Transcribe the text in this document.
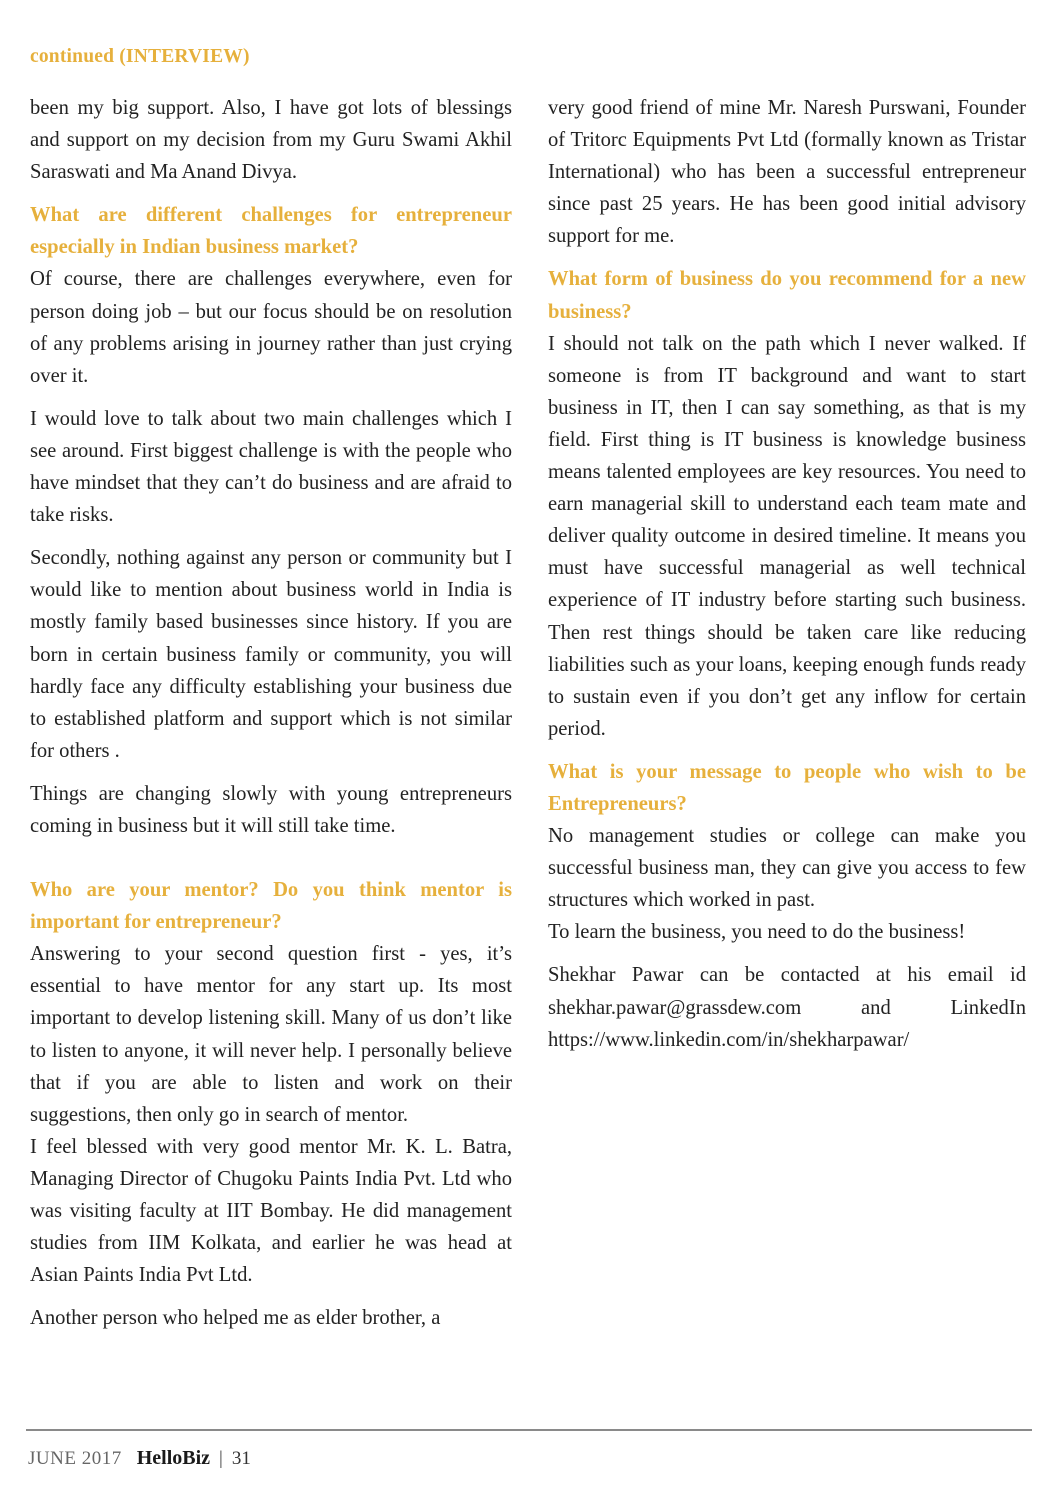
continued (INTERVIEW)

been my big support. Also, I have got lots of blessings and support on my decision from my Guru Swami Akhil Saraswati and Ma Anand Divya.

What are different challenges for entrepreneur especially in Indian business market?

Of course, there are challenges everywhere, even for person doing job – but our focus should be on resolution of any problems arising in journey rather than just crying over it.

I would love to talk about two main challenges which I see around. First biggest challenge is with the people who have mindset that they can’t do business and are afraid to take risks.

Secondly, nothing against any person or community but I would like to mention about business world in India is mostly family based businesses since history. If you are born in certain business family or community, you will hardly face any difficulty establishing your business due to established platform and support which is not similar for others .

Things are changing slowly with young entrepreneurs coming in business but it will still take time.

Who are your mentor? Do you think mentor is important for entrepreneur?

Answering to your second question first - yes, it’s essential to have mentor for any start up. Its most important to develop listening skill. Many of us don’t like to listen to anyone, it will never help. I personally believe that if you are able to listen and work on their suggestions, then only go in search of mentor.

I feel blessed with very good mentor Mr. K. L. Batra, Managing Director of Chugoku Paints India Pvt. Ltd who was visiting faculty at IIT Bombay. He did management studies from IIM Kolkata, and earlier he was head at Asian Paints India Pvt Ltd.

Another person who helped me as elder brother, a

very good friend of mine Mr. Naresh Purswani, Founder of Tritorc Equipments Pvt Ltd (formally known as Tristar International) who has been a successful entrepreneur since past 25 years. He has been good initial advisory support for me.

What form of business do you recommend for a new business?

I should not talk on the path which I never walked. If someone is from IT background and want to start business in IT, then I can say something, as that is my field. First thing is IT business is knowledge business means talented employees are key resources. You need to earn managerial skill to understand each team mate and deliver quality outcome in desired timeline. It means you must have successful managerial as well technical experience of IT industry before starting such business. Then rest things should be taken care like reducing liabilities such as your loans, keeping enough funds ready to sustain even if you don’t get any inflow for certain period.

What is your message to people who wish to be Entrepreneurs?

No management studies or college can make you successful business man, they can give you access to few structures which worked in past.

To learn the business, you need to do the business!

Shekhar Pawar can be contacted at his email id shekhar.pawar@grassdew.com and LinkedIn https://www.linkedin.com/in/shekharpawar/

JUNE 2017 HelloBiz | 31
